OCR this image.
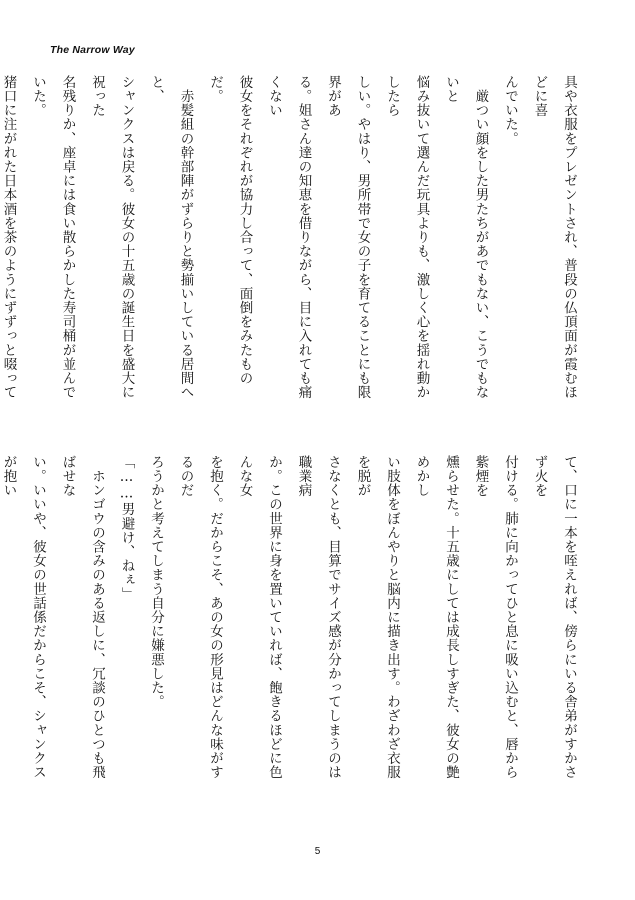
The Narrow Way

具や衣服をプレゼントされ、普段の仏頂面が霞むほどに喜

んでいた。

　厳つい顔をした男たちがあでもない、こうでもないと

悩み抜いて選んだ玩具よりも、激しく心を揺れ動かしたら

しい。やはり、男所帯で女の子を育てることにも限界があ

る。姐さん達の知恵を借りながら、目に入れても痛くない

彼女をそれぞれが協力し合って、面倒をみたものだ。

　赤髪組の幹部陣がずらりと勢揃いしている居間へと、

シャンクスは戻る。彼女の十五歳の誕生日を盛大に祝った

名残りか、座卓には食い散らかした寿司桶が並んでいた。

猪口に注がれた日本酒を茶のようにずずっと啜って

て、口に一本を咥えれば、傍らにいる舎弟がすかさず火を

付ける。肺に向かってひと息に吸い込むと、唇から紫煙を

燻らせた。十五歳にしては成長しすぎた、彼女の艶めかし

い肢体をぼんやりと脳内に描き出す。わざわざ衣服を脱が

さなくとも、目算でサイズ感が分かってしまうのは職業病

か。この世界に身を置いていれば、飽きるほどに色んな女

を抱く。だからこそ、あの女の形見はどんな味がするのだ

ろうかと考えてしまう自分に嫌悪した。

「……男避け、ねぇ」

　ホンゴウの含みのある返しに、冗談のひとつも飛ばせな

い。いいや、彼女の世話係だからこそ、シャンクスが抱い

5
